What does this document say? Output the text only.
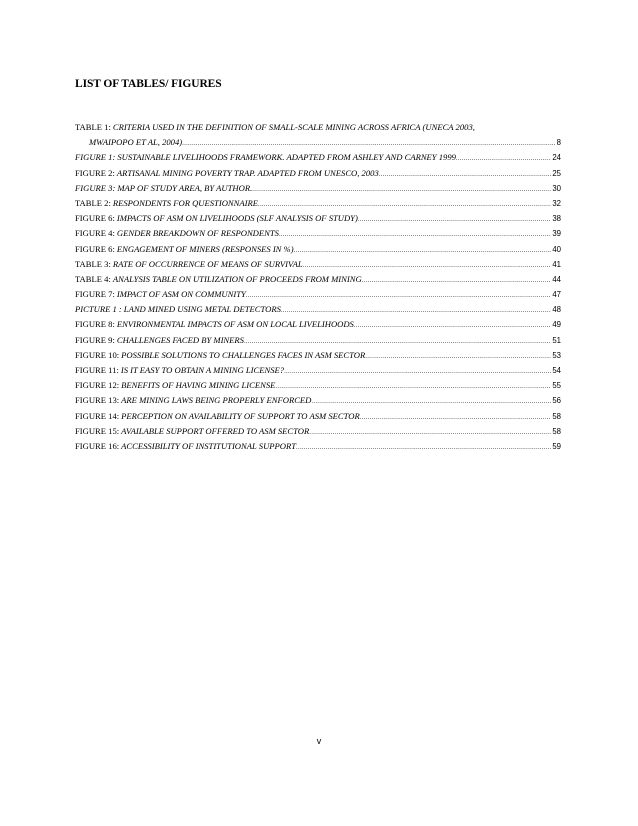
LIST OF TABLES/ FIGURES
TABLE 1: CRITERIA USED IN THE DEFINITION OF SMALL-SCALE MINING ACROSS AFRICA (UNECA 2003,
MWAIPOPO ET AL, 2004) .....	8
FIGURE 1: SUSTAINABLE LIVELIHOODS FRAMEWORK. ADAPTED FROM ASHLEY AND CARNEY 1999 .....	24
FIGURE 2: ARTISANAL MINING POVERTY TRAP. ADAPTED FROM UNESCO, 2003 .....	25
FIGURE 3: MAP OF STUDY AREA, BY AUTHOR. .....	30
TABLE 2: RESPONDENTS FOR QUESTIONNAIRE .....	32
FIGURE 6: IMPACTS OF ASM ON LIVELIHOODS (SLF ANALYSIS OF STUDY) .....	38
FIGURE 4: GENDER BREAKDOWN OF RESPONDENTS .....	39
FIGURE 6: ENGAGEMENT OF MINERS (RESPONSES IN %) .....	40
TABLE 3: RATE OF OCCURRENCE OF MEANS OF SURVIVAL .....	41
TABLE 4: ANALYSIS TABLE ON UTILIZATION OF PROCEEDS FROM MINING .....	44
FIGURE 7: IMPACT OF ASM ON COMMUNITY .....	47
PICTURE 1 : LAND MINED USING METAL DETECTORS .....	48
FIGURE 8: ENVIRONMENTAL IMPACTS OF ASM ON LOCAL LIVELIHOODS .....	49
FIGURE 9: CHALLENGES FACED BY MINERS .....	51
FIGURE 10: POSSIBLE SOLUTIONS TO CHALLENGES FACES IN ASM SECTOR .....	53
FIGURE 11: IS IT EASY TO OBTAIN A MINING LICENSE? .....	54
FIGURE 12: BENEFITS OF HAVING MINING LICENSE .....	55
FIGURE 13: ARE MINING LAWS BEING PROPERLY ENFORCED .....	56
FIGURE 14: PERCEPTION ON AVAILABILITY OF SUPPORT TO ASM SECTOR .....	58
FIGURE 15: AVAILABLE SUPPORT OFFERED TO ASM SECTOR .....	58
FIGURE 16: ACCESSIBILITY OF INSTITUTIONAL SUPPORT .....	59
v
